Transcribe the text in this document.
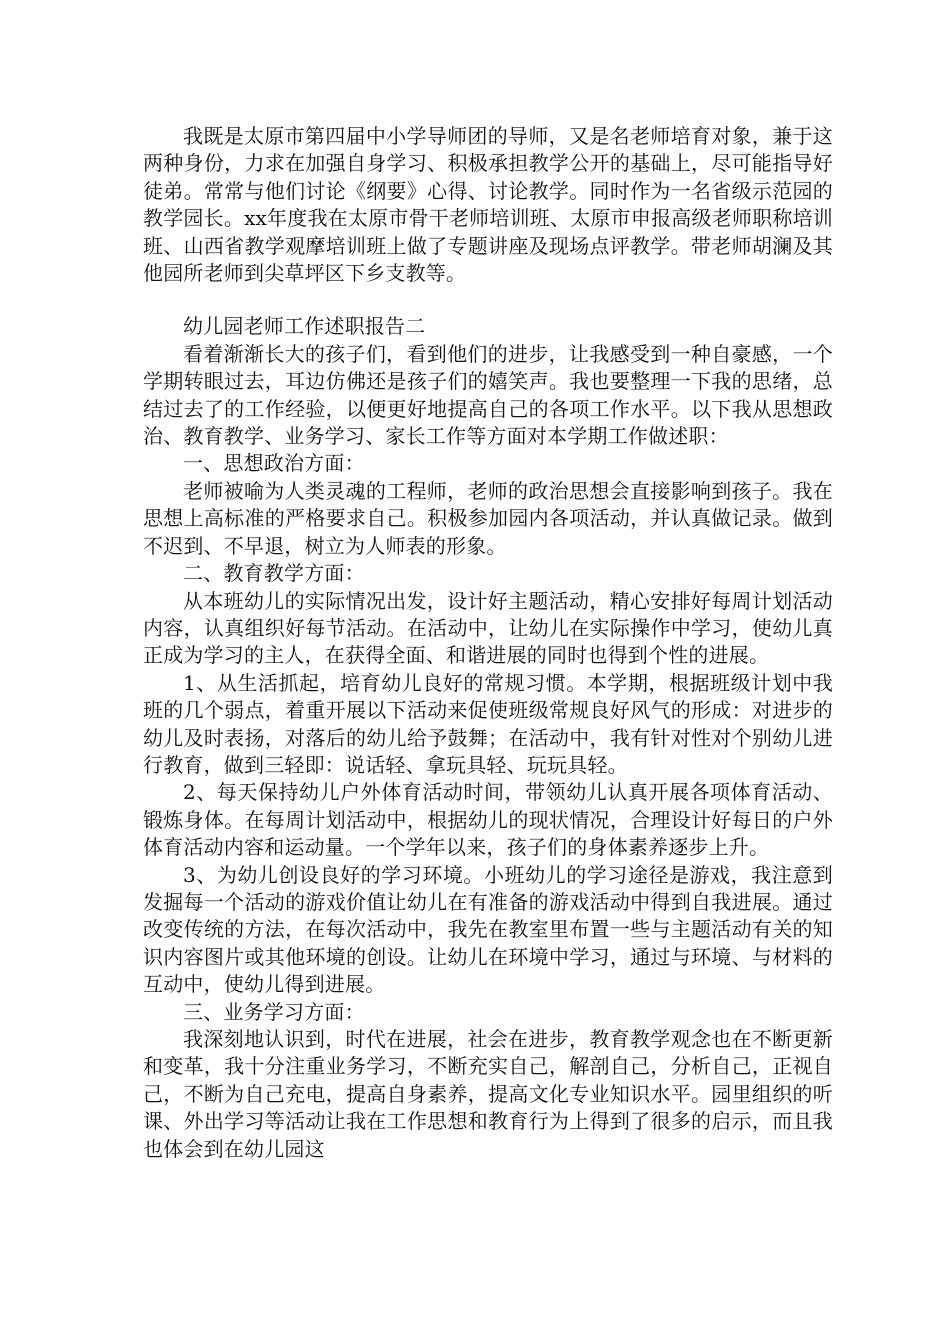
我既是太原市第四届中小学导师团的导师，又是名老师培育对象，兼于这两种身份，力求在加强自身学习、积极承担教学公开的基础上，尽可能指导好徒弟。常常与他们讨论《纲要》心得、讨论教学。同时作为一名省级示范园的教学园长。xx年度我在太原市骨干老师培训班、太原市申报高级老师职称培训班、山西省教学观摩培训班上做了专题讲座及现场点评教学。带老师胡澜及其他园所老师到尖草坪区下乡支教等。

幼儿园老师工作述职报告二

看着渐渐长大的孩子们，看到他们的进步，让我感受到一种自豪感，一个学期转眼过去，耳边仿佛还是孩子们的嬉笑声。我也要整理一下我的思绪，总结过去了的工作经验，以便更好地提高自己的各项工作水平。以下我从思想政治、教育教学、业务学习、家长工作等方面对本学期工作做述职：

一、思想政治方面：

老师被喻为人类灵魂的工程师，老师的政治思想会直接影响到孩子。我在思想上高标准的严格要求自己。积极参加园内各项活动，并认真做记录。做到不迟到、不早退，树立为人师表的形象。

二、教育教学方面：

从本班幼儿的实际情况出发，设计好主题活动，精心安排好每周计划活动内容，认真组织好每节活动。在活动中，让幼儿在实际操作中学习，使幼儿真正成为学习的主人，在获得全面、和谐进展的同时也得到个性的进展。

1、从生活抓起，培育幼儿良好的常规习惯。本学期，根据班级计划中我班的几个弱点，着重开展以下活动来促使班级常规良好风气的形成：对进步的幼儿及时表扬，对落后的幼儿给予鼓舞；在活动中，我有针对性对个别幼儿进行教育，做到三轻即：说话轻、拿玩具轻、玩玩具轻。

2、每天保持幼儿户外体育活动时间，带领幼儿认真开展各项体育活动、锻炼身体。在每周计划活动中，根据幼儿的现状情况，合理设计好每日的户外体育活动内容和运动量。一个学年以来，孩子们的身体素养逐步上升。

3、为幼儿创设良好的学习环境。小班幼儿的学习途径是游戏，我注意到发掘每一个活动的游戏价值让幼儿在有准备的游戏活动中得到自我进展。通过改变传统的方法，在每次活动中，我先在教室里布置一些与主题活动有关的知识内容图片或其他环境的创设。让幼儿在环境中学习，通过与环境、与材料的互动中，使幼儿得到进展。

三、业务学习方面：

我深刻地认识到，时代在进展，社会在进步，教育教学观念也在不断更新和变革，我十分注重业务学习，不断充实自己，解剖自己，分析自己，正视自己，不断为自己充电，提高自身素养，提高文化专业知识水平。园里组织的听课、外出学习等活动让我在工作思想和教育行为上得到了很多的启示，而且我也体会到在幼儿园这
